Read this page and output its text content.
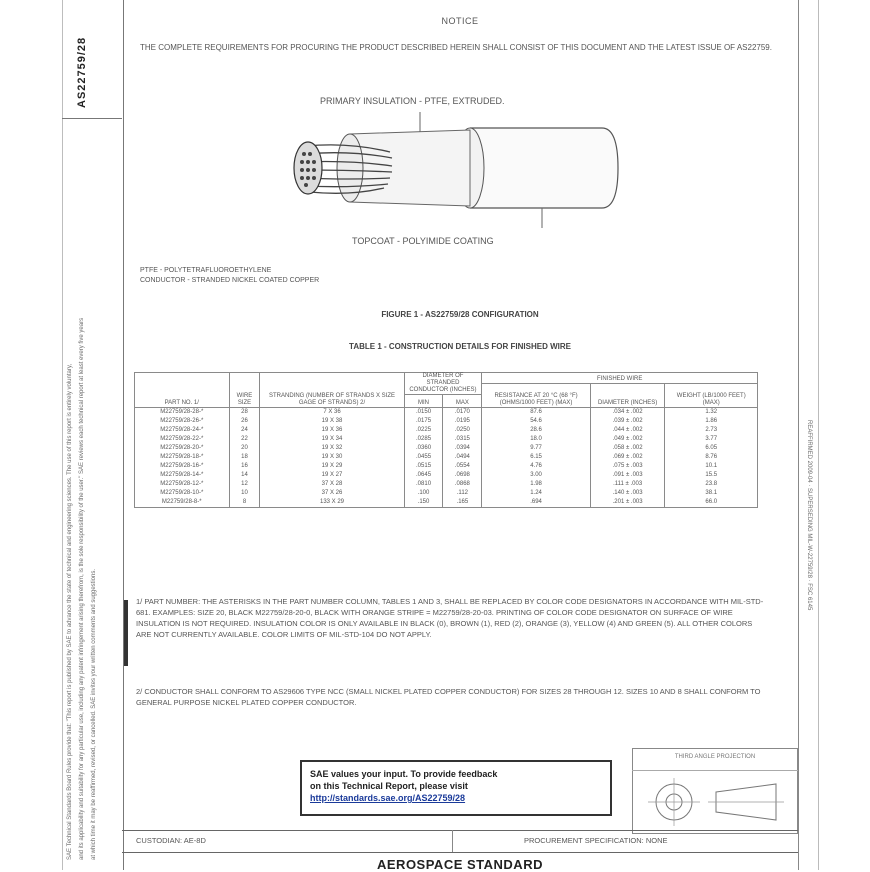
AS22759/28
SAE Technical Standards Board Rules provide that: "This report is published by SAE to advance the state of technical and engineering sciences. The use of this report is entirely voluntary,	and its applicability and suitability for any particular use, including any patent infringement arising therefrom, is the sole responsibility of the user." SAE reviews each technical report at least every five years	at which time it may be reaffirmed, revised, or cancelled. SAE invites your written comments and suggestions.
REAFFIRMED 2009-04 · SUPERSEDING MIL-W-22759/28 · FSC 6145
NOTICE
THE COMPLETE REQUIREMENTS FOR PROCURING THE PRODUCT DESCRIBED HEREIN SHALL CONSIST OF THIS DOCUMENT AND THE LATEST ISSUE OF AS22759.
PRIMARY INSULATION - PTFE, EXTRUDED.
TOPCOAT - POLYIMIDE COATING
PTFE - POLYTETRAFLUOROETHYLENE
CONDUCTOR - STRANDED NICKEL COATED COPPER
FIGURE 1 - AS22759/28 CONFIGURATION
TABLE 1 - CONSTRUCTION DETAILS FOR FINISHED WIRE
PART NO. 1/	WIRE SIZE	STRANDING (NUMBER OF STRANDS X SIZE GAGE OF STRANDS) 2/	DIAMETER OF STRANDED CONDUCTOR (INCHES)		FINISHED WIRE		
					RESISTANCE AT 20 °C (68 °F) (OHMS/1000 FEET) (MAX)	DIAMETER (INCHES)	WEIGHT (LB/1000 FEET) (MAX)
			MIN	MAX			
M22759/28-28-*	28	7 X 36	.0150	.0170	87.6	.034 ± .002	1.32
M22759/28-26-*	26	19 X 38	.0175	.0195	54.6	.039 ± .002	1.86
M22759/28-24-*	24	19 X 36	.0225	.0250	28.6	.044 ± .002	2.73
M22759/28-22-*	22	19 X 34	.0285	.0315	18.0	.049 ± .002	3.77
M22759/28-20-*	20	19 X 32	.0360	.0394	9.77	.058 ± .002	6.05
M22759/28-18-*	18	19 X 30	.0455	.0494	6.15	.069 ± .002	8.76
M22759/28-16-*	16	19 X 29	.0515	.0554	4.76	.075 ± .003	10.1
M22759/28-14-*	14	19 X 27	.0645	.0698	3.00	.091 ± .003	15.5
M22759/28-12-*	12	37 X 28	.0810	.0868	1.98	.111 ± .003	23.8
M22759/28-10-*	10	37 X 26	.100	.112	1.24	.140 ± .003	38.1
M22759/28-8-*	8	133 X 29	.150	.165	.694	.201 ± .003	66.0
1/ PART NUMBER: THE ASTERISKS IN THE PART NUMBER COLUMN, TABLES 1 AND 3, SHALL BE REPLACED BY COLOR CODE DESIGNATORS IN ACCORDANCE WITH MIL-STD-681. EXAMPLES: SIZE 20, BLACK M22759/28-20-0, BLACK WITH ORANGE STRIPE = M22759/28-20-03. PRINTING OF COLOR CODE DESIGNATOR ON SURFACE OF WIRE INSULATION IS NOT REQUIRED. INSULATION COLOR IS ONLY AVAILABLE IN BLACK (0), BROWN (1), RED (2), ORANGE (3), YELLOW (4) AND GREEN (5). ALL OTHER COLORS ARE NOT CURRENTLY AVAILABLE. COLOR LIMITS OF MIL-STD-104 DO NOT APPLY.
2/ CONDUCTOR SHALL CONFORM TO AS29606 TYPE NCC (SMALL NICKEL PLATED COPPER CONDUCTOR) FOR SIZES 28 THROUGH 12. SIZES 10 AND 8 SHALL CONFORM TO GENERAL PURPOSE NICKEL PLATED COPPER CONDUCTOR.
THIRD ANGLE PROJECTION
SAE values your input. To provide feedback
on this Technical Report, please visit
http://standards.sae.org/AS22759/28
CUSTODIAN: AE-8D	PROCUREMENT SPECIFICATION: NONE
AEROSPACE STANDARD
